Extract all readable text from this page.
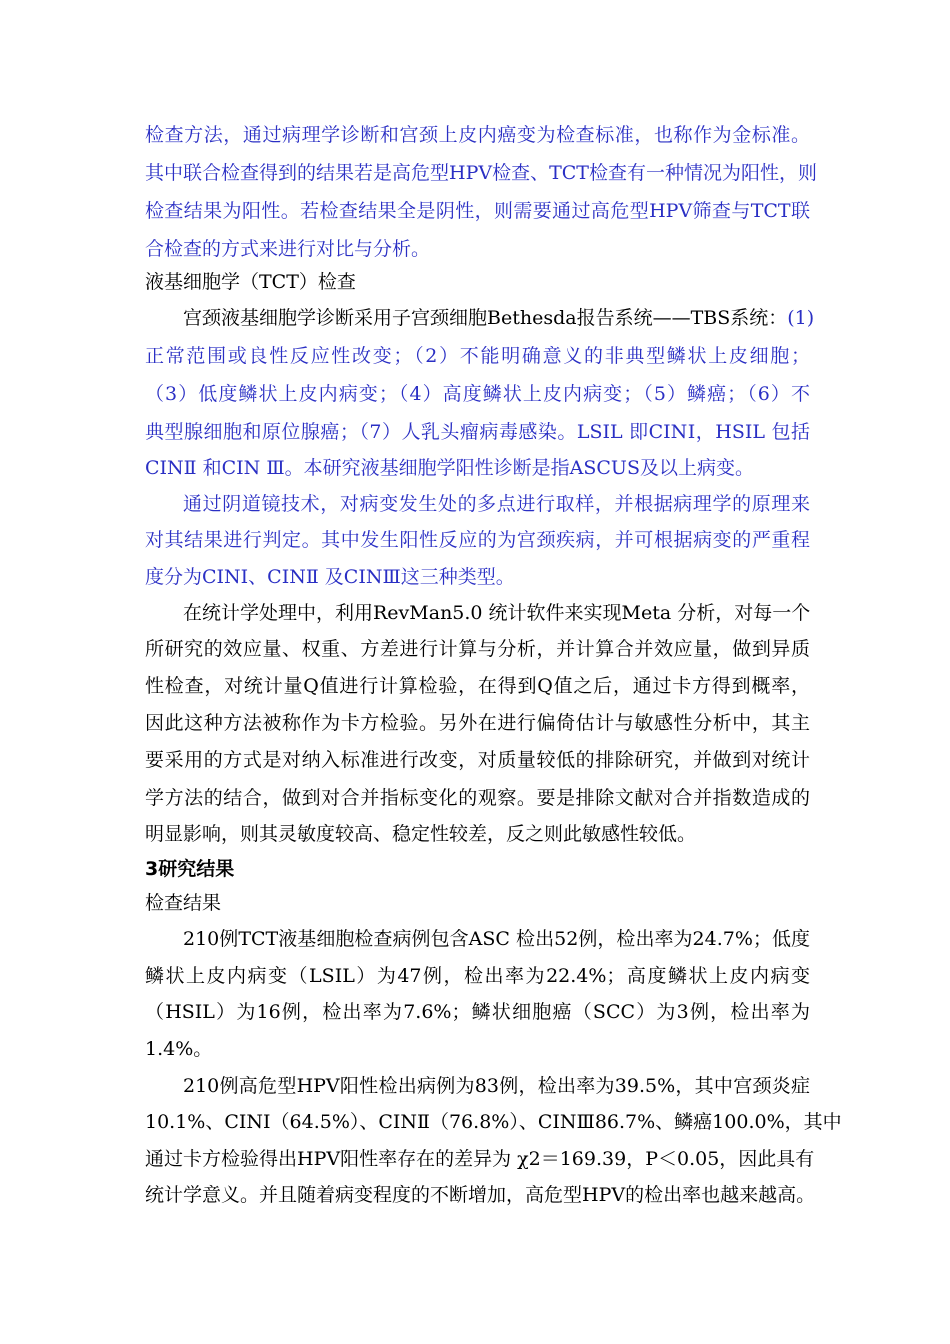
检查方法，通过病理学诊断和宫颈上皮内癌变为检查标准，也称作为金标准。
其中联合检查得到的结果若是高危型HPV检查、TCT检查有一种情况为阳性，则
检查结果为阳性。若检查结果全是阴性，则需要通过高危型HPV筛查与TCT联
合检查的方式来进行对比与分析。
液基细胞学（TCT）检查
宫颈液基细胞学诊断采用子宫颈细胞Bethesda报告系统——TBS系统：(1)
正常范围或良性反应性改变；（2）不能明确意义的非典型鳞状上皮细胞；
（3）低度鳞状上皮内病变；（4）高度鳞状上皮内病变；（5）鳞癌；（6）不
典型腺细胞和原位腺癌；（7）人乳头瘤病毒感染。LSIL 即CINⅠ，HSIL 包括
CINⅡ 和CIN Ⅲ。本研究液基细胞学阳性诊断是指ASCUS及以上病变。
通过阴道镜技术，对病变发生处的多点进行取样，并根据病理学的原理来
对其结果进行判定。其中发生阳性反应的为宫颈疾病，并可根据病变的严重程
度分为CINⅠ、CINⅡ 及CINⅢ这三种类型。
在统计学处理中，利用RevMan5.0 统计软件来实现Meta 分析，对每一个
所研究的效应量、权重、方差进行计算与分析，并计算合并效应量，做到异质
性检查，对统计量Q值进行计算检验，在得到Q值之后，通过卡方得到概率，
因此这种方法被称作为卡方检验。另外在进行偏倚估计与敏感性分析中，其主
要采用的方式是对纳入标准进行改变，对质量较低的排除研究，并做到对统计
学方法的结合，做到对合并指标变化的观察。要是排除文献对合并指数造成的
明显影响，则其灵敏度较高、稳定性较差，反之则此敏感性较低。
3研究结果
检查结果
210例TCT液基细胞检查病例包含ASC 检出52例，检出率为24.7%；低度
鳞状上皮内病变（LSIL）为47例，检出率为22.4%；高度鳞状上皮内病变
（HSIL）为16例，检出率为7.6%；鳞状细胞癌（SCC）为3例，检出率为
1.4%。
210例高危型HPV阳性检出病例为83例，检出率为39.5%，其中宫颈炎症
10.1%、CINⅠ（64.5%）、CINⅡ（76.8%）、CINⅢ86.7%、鳞癌100.0%，其中
通过卡方检验得出HPV阳性率存在的差异为 χ2＝169.39，P＜0.05，因此具有
统计学意义。并且随着病变程度的不断增加，高危型HPV的检出率也越来越高。
